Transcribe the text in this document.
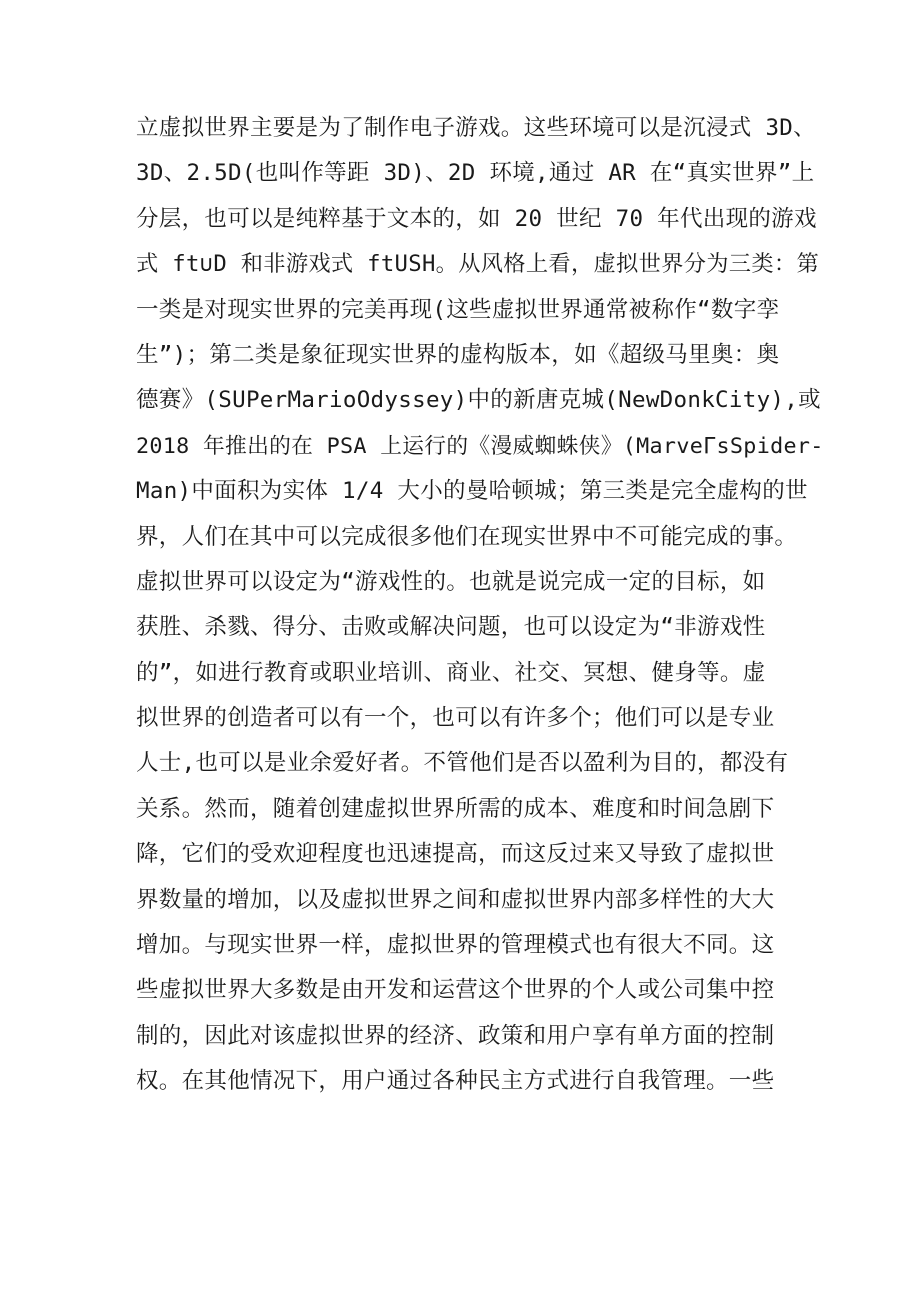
立虚拟世界主要是为了制作电子游戏。这些环境可以是沉浸式 3D、
3D、2.5D(也叫作等距 3D)、2D 环境,通过 AR 在“真实世界”上
分层，也可以是纯粹基于文本的，如 20 世纪 70 年代出现的游戏
式 ft∪D 和非游戏式 ftUSH。从风格上看，虚拟世界分为三类：第
一类是对现实世界的完美再现(这些虚拟世界通常被称作“数字孪
生”)；第二类是象征现实世界的虚构版本，如《超级马里奥：奥
德赛》(SUPerMarioOdyssey)中的新唐克城(NewDonkCity),或
2018 年推出的在 PSA 上运行的《漫威蜘蛛侠》(MarveΓsSpider-
Man)中面积为实体 1/4 大小的曼哈顿城；第三类是完全虚构的世
界，人们在其中可以完成很多他们在现实世界中不可能完成的事。
虚拟世界可以设定为“游戏性的。也就是说完成一定的目标，如
获胜、杀戮、得分、击败或解决问题，也可以设定为“非游戏性
的”，如进行教育或职业培训、商业、社交、冥想、健身等。虚
拟世界的创造者可以有一个，也可以有许多个；他们可以是专业
人士,也可以是业余爱好者。不管他们是否以盈利为目的，都没有
关系。然而，随着创建虚拟世界所需的成本、难度和时间急剧下
降，它们的受欢迎程度也迅速提高，而这反过来又导致了虚拟世
界数量的增加，以及虚拟世界之间和虚拟世界内部多样性的大大
增加。与现实世界一样，虚拟世界的管理模式也有很大不同。这
些虚拟世界大多数是由开发和运营这个世界的个人或公司集中控
制的，因此对该虚拟世界的经济、政策和用户享有单方面的控制
权。在其他情况下，用户通过各种民主方式进行自我管理。一些
